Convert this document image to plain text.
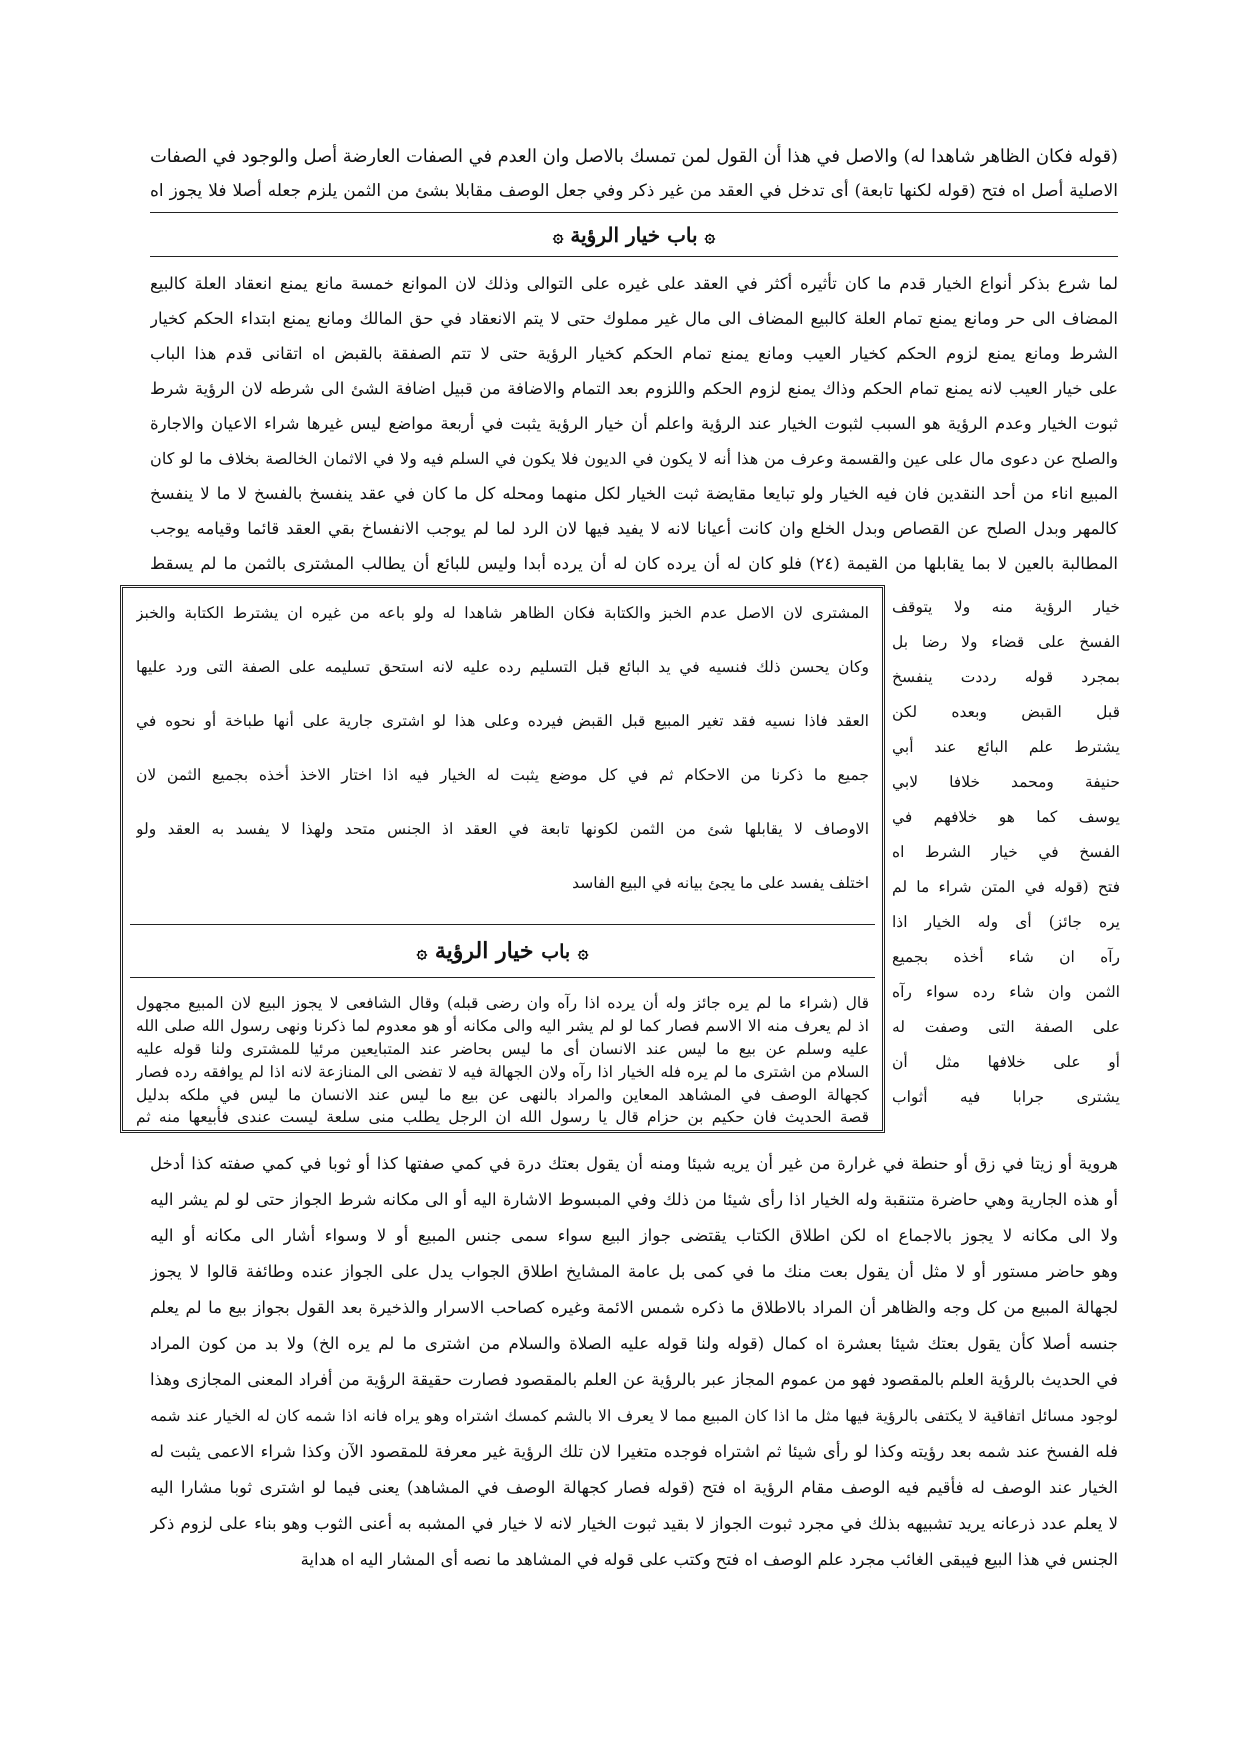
(قوله فكان الظاهر شاهدا له) والاصل في هذا أن القول لمن تمسك بالاصل وان العدم في الصفات العارضة أصل والوجود في الصفات
الاصلية أصل اه فتح (قوله لكنها تابعة) أى تدخل في العقد من غير ذكر وفي جعل الوصف مقابلا بشئ من الثمن يلزم جعله أصلا فلا يجوز اه
۞ باب خيار الرؤية ۞
لما شرع بذكر أنواع الخيار قدم ما كان تأثيره أكثر في العقد على غيره على التوالى وذلك لان الموانع خمسة مانع يمنع انعقاد العلة كالبيع
المضاف الى حر ومانع يمنع تمام العلة كالبيع المضاف الى مال غير مملوك حتى لا يتم الانعقاد في حق المالك ومانع يمنع ابتداء الحكم كخيار
الشرط ومانع يمنع لزوم الحكم كخيار العيب ومانع يمنع تمام الحكم كخيار الرؤية حتى لا تتم الصفقة بالقبض اه اتقانى قدم هذا الباب
على خيار العيب لانه يمنع تمام الحكم وذاك يمنع لزوم الحكم واللزوم بعد التمام والاضافة من قبيل اضافة الشئ الى شرطه لان الرؤية شرط
ثبوت الخيار وعدم الرؤية هو السبب لثبوت الخيار عند الرؤية واعلم أن خيار الرؤية يثبت في أربعة مواضع ليس غيرها شراء الاعيان والاجارة
والصلح عن دعوى مال على عين والقسمة وعرف من هذا أنه لا يكون في الديون فلا يكون في السلم فيه ولا في الاثمان الخالصة بخلاف ما لو كان
المبيع اناء من أحد النقدين فان فيه الخيار ولو تبايعا مقايضة ثبت الخيار لكل منهما ومحله كل ما كان في عقد ينفسخ بالفسخ لا ما لا ينفسخ
كالمهر وبدل الصلح عن القصاص وبدل الخلع وان كانت أعيانا لانه لا يفيد فيها لان الرد لما لم يوجب الانفساخ بقي العقد قائما وقيامه يوجب
المطالبة بالعين لا بما يقابلها من القيمة (٢٤) فلو كان له أن يرده كان له أن يرده أبدا وليس للبائع أن يطالب المشترى بالثمن ما لم يسقط
خيار الرؤية منه ولا يتوقف
الفسخ على قضاء ولا رضا بل
بمجرد قوله رددت ينفسخ
قبل القبض وبعده لكن
يشترط علم البائع عند أبي
حنيفة ومحمد خلافا لابي
يوسف كما هو خلافهم في
الفسخ في خيار الشرط اه
فتح (قوله في المتن شراء ما لم
يره جائز) أى وله الخيار اذا
رآه ان شاء أخذه بجميع
الثمن وان شاء رده سواء رآه
على الصفة التى وصفت له
أو على خلافها مثل أن
يشترى جرابا فيه أثواب
المشترى لان الاصل عدم الخبز والكتابة فكان الظاهر شاهدا له ولو باعه من غيره ان يشترط الكتابة والخبز
وكان يحسن ذلك فنسيه في يد البائع قبل التسليم رده عليه لانه استحق تسليمه على الصفة التى ورد عليها
العقد فاذا نسيه فقد تغير المبيع قبل القبض فيرده وعلى هذا لو اشترى جارية على أنها طباخة أو نحوه في
جميع ما ذكرنا من الاحكام ثم في كل موضع يثبت له الخيار فيه اذا اختار الاخذ أخذه بجميع الثمن لان
الاوصاف لا يقابلها شئ من الثمن لكونها تابعة في العقد اذ الجنس متحد ولهذا لا يفسد به العقد ولو
اختلف يفسد على ما يجئ بيانه في البيع الفاسد
۞ باب خيار الرؤية ۞
قال (شراء ما لم يره جائز وله أن يرده اذا رآه وان رضى قبله) وقال الشافعى لا يجوز البيع لان المبيع مجهول
اذ لم يعرف منه الا الاسم فصار كما لو لم يشر اليه والى مكانه أو هو معدوم لما ذكرنا ونهى رسول الله صلى الله
عليه وسلم عن بيع ما ليس عند الانسان أى ما ليس بحاضر عند المتبايعين مرئيا للمشترى ولنا قوله عليه
السلام من اشترى ما لم يره فله الخيار اذا رآه ولان الجهالة فيه لا تفضى الى المنازعة لانه اذا لم يوافقه رده فصار
كجهالة الوصف في المشاهد المعاين والمراد بالنهى عن بيع ما ليس عند الانسان ما ليس في ملكه بدليل
قصة الحديث فان حكيم بن حزام قال يا رسول الله ان الرجل يطلب منى سلعة ليست عندى فأبيعها منه ثم
هروية أو زيتا في زق أو حنطة في غرارة من غير أن يريه شيئا ومنه أن يقول بعتك درة في كمي صفتها كذا أو ثوبا في كمي صفته كذا أدخل
أو هذه الجارية وهي حاضرة متنقبة وله الخيار اذا رأى شيئا من ذلك وفي المبسوط الاشارة اليه أو الى مكانه شرط الجواز حتى لو لم يشر اليه
ولا الى مكانه لا يجوز بالاجماع اه لكن اطلاق الكتاب يقتضى جواز البيع سواء سمى جنس المبيع أو لا وسواء أشار الى مكانه أو اليه
وهو حاضر مستور أو لا مثل أن يقول بعت منك ما في كمى بل عامة المشايخ اطلاق الجواب يدل على الجواز عنده وطائفة قالوا لا يجوز
لجهالة المبيع من كل وجه والظاهر أن المراد بالاطلاق ما ذكره شمس الائمة وغيره كصاحب الاسرار والذخيرة بعد القول بجواز بيع ما لم يعلم
جنسه أصلا كأن يقول بعتك شيئا بعشرة اه كمال (قوله ولنا قوله عليه الصلاة والسلام من اشترى ما لم يره الخ) ولا بد من كون المراد
في الحديث بالرؤية العلم بالمقصود فهو من عموم المجاز عبر بالرؤية عن العلم بالمقصود فصارت حقيقة الرؤية من أفراد المعنى المجازى وهذا
لوجود مسائل اتفاقية لا يكتفى بالرؤية فيها مثل ما اذا كان المبيع مما لا يعرف الا بالشم كمسك اشتراه وهو يراه فانه اذا شمه كان له الخيار عند شمه
فله الفسخ عند شمه بعد رؤيته وكذا لو رأى شيئا ثم اشتراه فوجده متغيرا لان تلك الرؤية غير معرفة للمقصود الآن وكذا شراء الاعمى يثبت له
الخيار عند الوصف له فأقيم فيه الوصف مقام الرؤية اه فتح (قوله فصار كجهالة الوصف في المشاهد) يعنى فيما لو اشترى ثوبا مشارا اليه
لا يعلم عدد ذرعانه يريد تشبيهه بذلك في مجرد ثبوت الجواز لا بقيد ثبوت الخيار لانه لا خيار في المشبه به أعنى الثوب وهو بناء على لزوم ذكر
الجنس في هذا البيع فيبقى الغائب مجرد علم الوصف اه فتح وكتب على قوله في المشاهد ما نصه أى المشار اليه اه هداية
